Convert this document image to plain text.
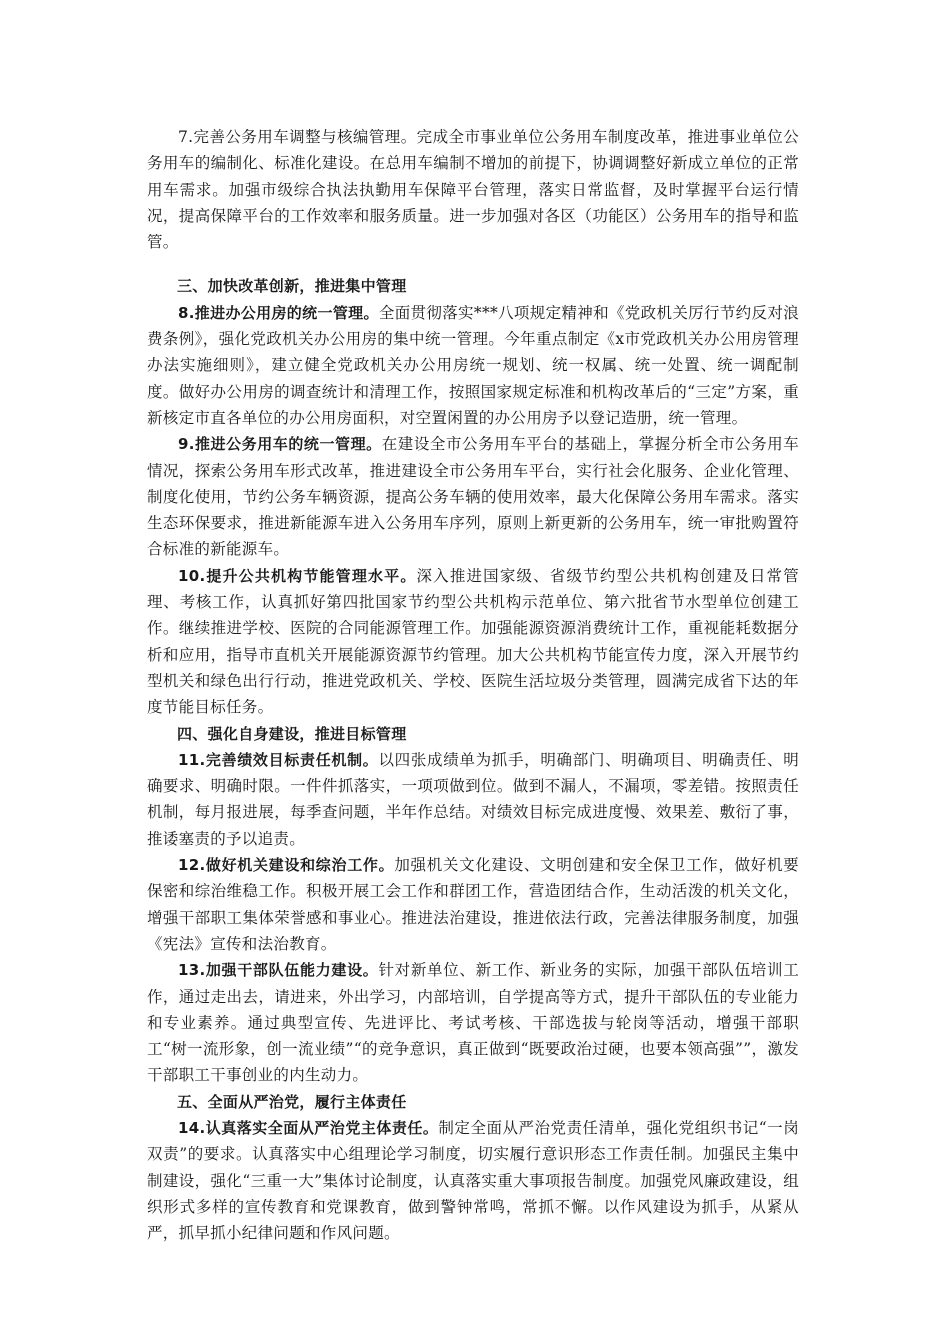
7.完善公务用车调整与核编管理。完成全市事业单位公务用车制度改革，推进事业单位公务用车的编制化、标准化建设。在总用车编制不增加的前提下，协调调整好新成立单位的正常用车需求。加强市级综合执法执勤用车保障平台管理，落实日常监督，及时掌握平台运行情况，提高保障平台的工作效率和服务质量。进一步加强对各区（功能区）公务用车的指导和监管。

三、加快改革创新，推进集中管理

8.推进办公用房的统一管理。全面贯彻落实***八项规定精神和《党政机关厉行节约反对浪费条例》，强化党政机关办公用房的集中统一管理。今年重点制定《x市党政机关办公用房管理办法实施细则》，建立健全党政机关办公用房统一规划、统一权属、统一处置、统一调配制度。做好办公用房的调查统计和清理工作，按照国家规定标准和机构改革后的“三定”方案，重新核定市直各单位的办公用房面积，对空置闲置的办公用房予以登记造册，统一管理。

9.推进公务用车的统一管理。在建设全市公务用车平台的基础上，掌握分析全市公务用车情况，探索公务用车形式改革，推进建设全市公务用车平台，实行社会化服务、企业化管理、制度化使用，节约公务车辆资源，提高公务车辆的使用效率，最大化保障公务用车需求。落实生态环保要求，推进新能源车进入公务用车序列，原则上新更新的公务用车，统一审批购置符合标准的新能源车。

10.提升公共机构节能管理水平。深入推进国家级、省级节约型公共机构创建及日常管理、考核工作，认真抓好第四批国家节约型公共机构示范单位、第六批省节水型单位创建工作。继续推进学校、医院的合同能源管理工作。加强能源资源消费统计工作，重视能耗数据分析和应用，指导市直机关开展能源资源节约管理。加大公共机构节能宣传力度，深入开展节约型机关和绿色出行行动，推进党政机关、学校、医院生活垃圾分类管理，圆满完成省下达的年度节能目标任务。

四、强化自身建设，推进目标管理

11.完善绩效目标责任机制。以四张成绩单为抓手，明确部门、明确项目、明确责任、明确要求、明确时限。一件件抓落实，一项项做到位。做到不漏人，不漏项，零差错。按照责任机制，每月报进展，每季查问题，半年作总结。对绩效目标完成进度慢、效果差、敷衍了事，推诿塞责的予以追责。

12.做好机关建设和综治工作。加强机关文化建设、文明创建和安全保卫工作，做好机要保密和综治维稳工作。积极开展工会工作和群团工作，营造团结合作，生动活泼的机关文化，增强干部职工集体荣誉感和事业心。推进法治建设，推进依法行政，完善法律服务制度，加强《宪法》宣传和法治教育。

13.加强干部队伍能力建设。针对新单位、新工作、新业务的实际，加强干部队伍培训工作，通过走出去，请进来，外出学习，内部培训，自学提高等方式，提升干部队伍的专业能力和专业素养。通过典型宣传、先进评比、考试考核、干部选拔与轮岗等活动，增强干部职工“树一流形象，创一流业绩”“的竞争意识，真正做到“既要政治过硬，也要本领高强””，激发干部职工干事创业的内生动力。

五、全面从严治党，履行主体责任

14.认真落实全面从严治党主体责任。制定全面从严治党责任清单，强化党组织书记“一岗双责”的要求。认真落实中心组理论学习制度，切实履行意识形态工作责任制。加强民主集中制建设，强化“三重一大”集体讨论制度，认真落实重大事项报告制度。加强党风廉政建设，组织形式多样的宣传教育和党课教育，做到警钟常鸣，常抓不懈。以作风建设为抓手，从紧从严，抓早抓小纪律问题和作风问题。
